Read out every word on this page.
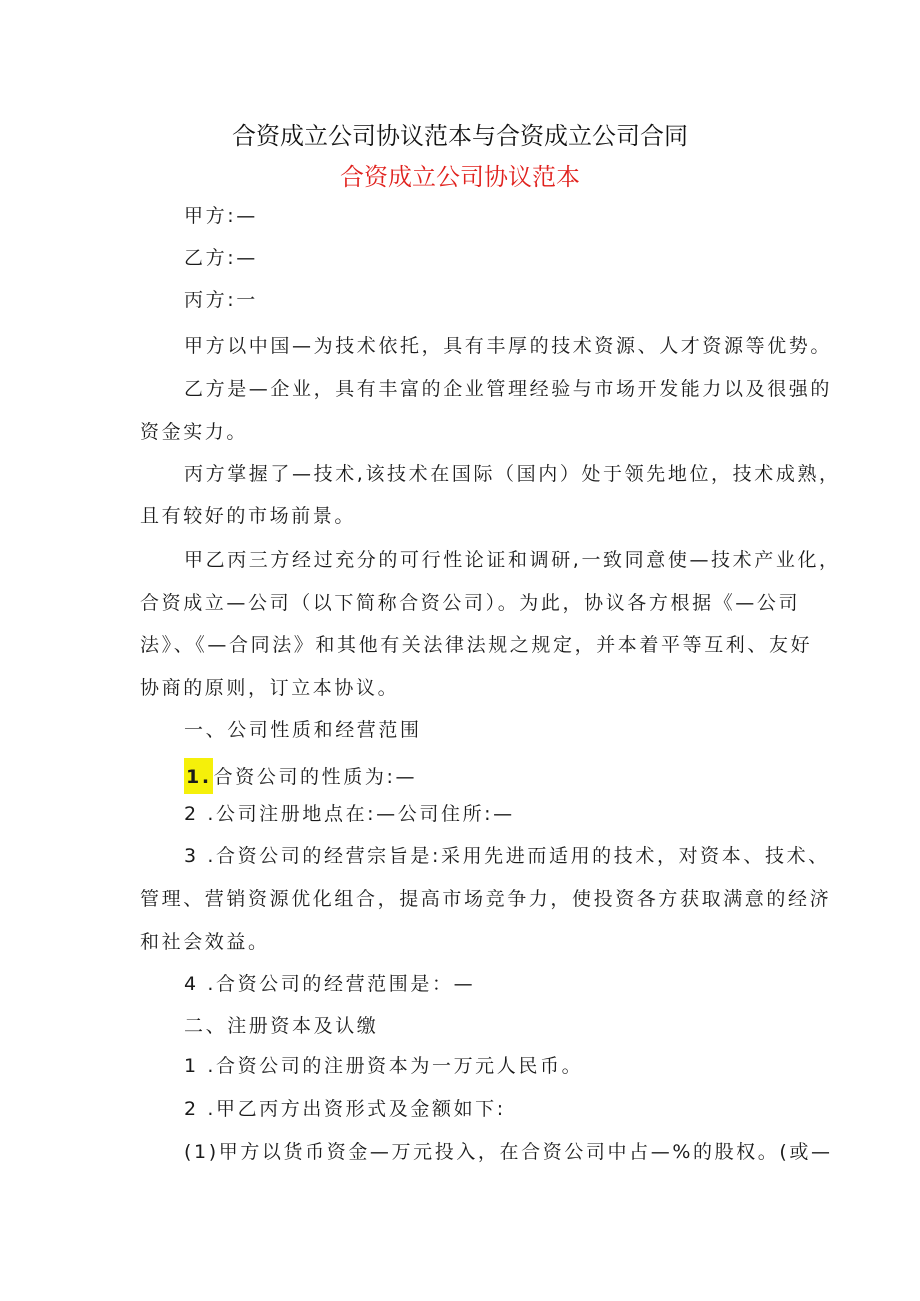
合资成立公司协议范本与合资成立公司合同
合资成立公司协议范本
甲方:—
乙方:—
丙方:一
甲方以中国—为技术依托，具有丰厚的技术资源、人才资源等优势。
乙方是—企业，具有丰富的企业管理经验与市场开发能力以及很强的
资金实力。
丙方掌握了—技术,该技术在国际（国内）处于领先地位，技术成熟，
且有较好的市场前景。
甲乙丙三方经过充分的可行性论证和调研,一致同意使—技术产业化，
合资成立—公司（以下简称合资公司）。为此，协议各方根据《—公司
法》、《—合同法》和其他有关法律法规之规定，并本着平等互利、友好
协商的原则，订立本协议。
一、公司性质和经营范围
1. 合资公司的性质为:—
2 .公司注册地点在:—公司住所:—
3 .合资公司的经营宗旨是:采用先进而适用的技术，对资本、技术、
管理、营销资源优化组合，提高市场竞争力，使投资各方获取满意的经济
和社会效益。
4 .合资公司的经营范围是：—
二、注册资本及认缴
1 .合资公司的注册资本为一万元人民币。
2 .甲乙丙方出资形式及金额如下:
(1)甲方以货币资金—万元投入，在合资公司中占—%的股权。(或—
